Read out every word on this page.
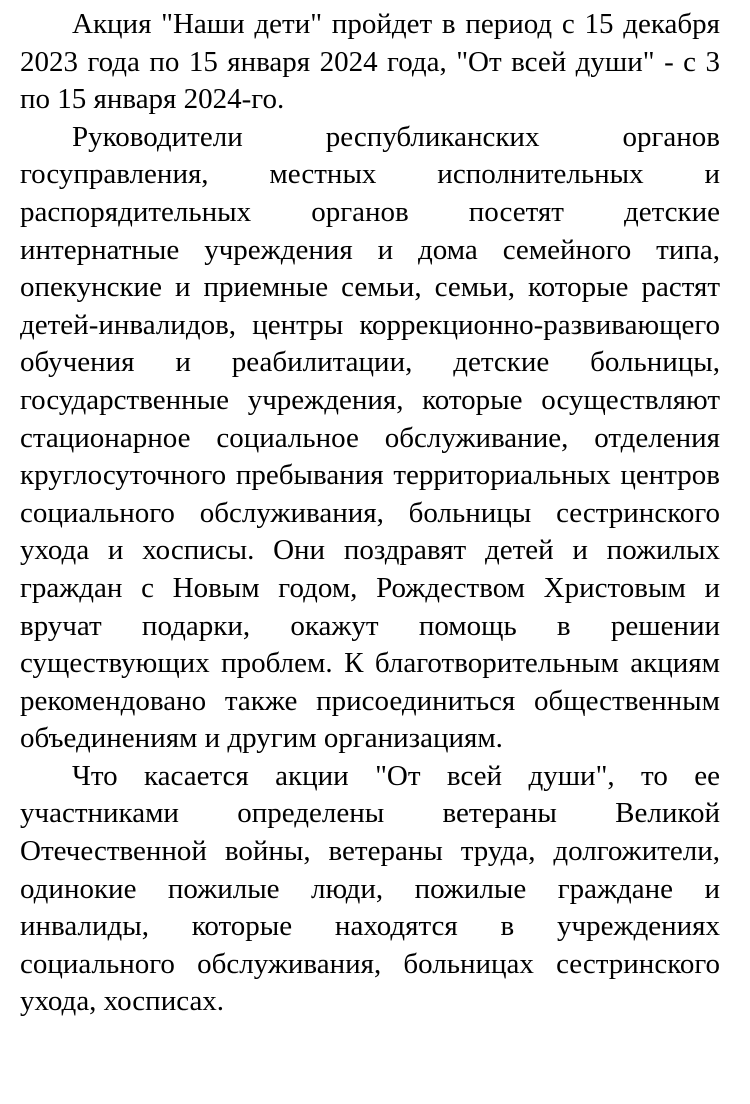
Акция "Наши дети" пройдет в период с 15 декабря 2023 года по 15 января 2024 года, "От всей души" - с 3 по 15 января 2024-го.

Руководители республиканских органов госуправления, местных исполнительных и распорядительных органов посетят детские интернатные учреждения и дома семейного типа, опекунские и приемные семьи, семьи, которые растят детей-инвалидов, центры коррекционно-развивающего обучения и реабилитации, детские больницы, государственные учреждения, которые осуществляют стационарное социальное обслуживание, отделения круглосуточного пребывания территориальных центров социального обслуживания, больницы сестринского ухода и хосписы. Они поздравят детей и пожилых граждан с Новым годом, Рождеством Христовым и вручат подарки, окажут помощь в решении существующих проблем. К благотворительным акциям рекомендовано также присоединиться общественным объединениям и другим организациям.

Что касается акции "От всей души", то ее участниками определены ветераны Великой Отечественной войны, ветераны труда, долгожители, одинокие пожилые люди, пожилые граждане и инвалиды, которые находятся в учреждениях социального обслуживания, больницах сестринского ухода, хосписах.
